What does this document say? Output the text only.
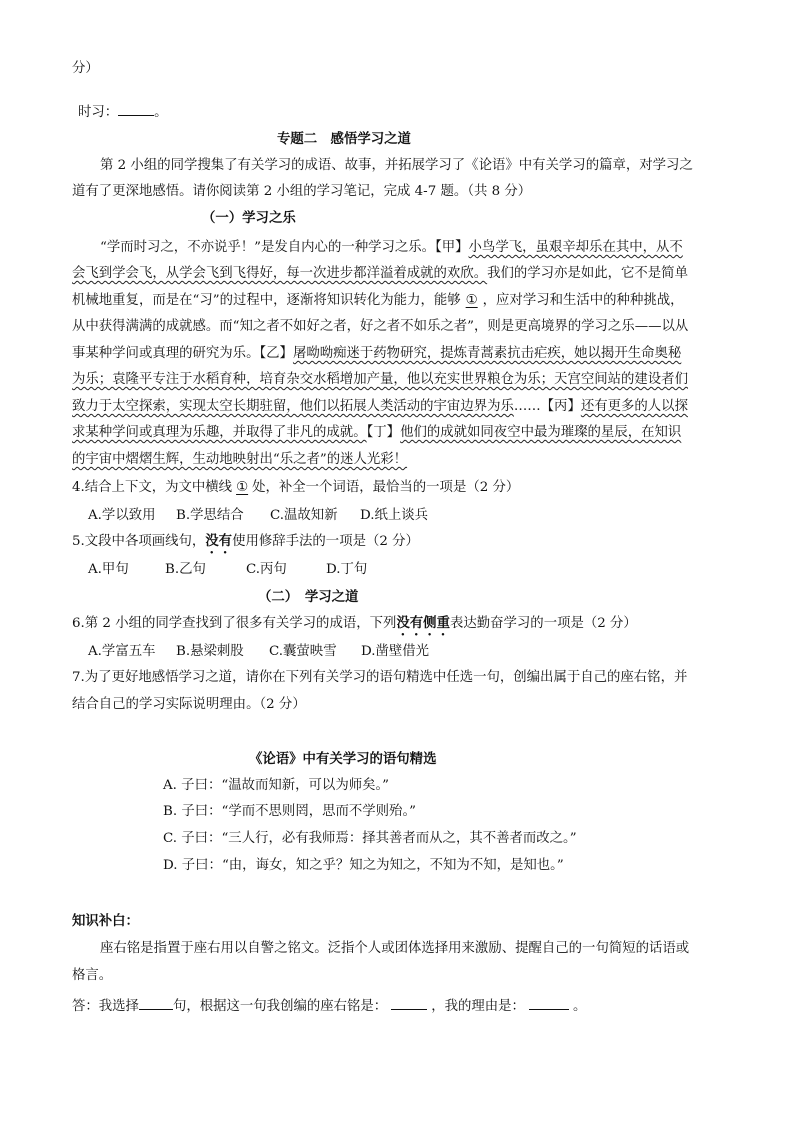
分）
时习：	。
专题二　感悟学习之道
第 2 小组的同学搜集了有关学习的成语、故事，并拓展学习了《论语》中有关学习的篇章，对学习之
道有了更深地感悟。请你阅读第 2 小组的学习笔记，完成 4-7 题。（共 8 分）
（一）学习之乐
“学而时习之，不亦说乎！”是发自内心的一种学习之乐。【甲】小鸟学飞，虽艰辛却乐在其中，从不
会飞到学会飞，从学会飞到飞得好，每一次进步都洋溢着成就的欢欣。我们的学习亦是如此，它不是简单
机械地重复，而是在“习”的过程中，逐渐将知识转化为能力，能够 ① ，应对学习和生活中的种种挑战，
从中获得满满的成就感。而“知之者不如好之者，好之者不如乐之者”，则是更高境界的学习之乐——以从
事某种学问或真理的研究为乐。【乙】屠呦呦痴迷于药物研究，提炼青蒿素抗击疟疾，她以揭开生命奥秘
为乐；袁隆平专注于水稻育种，培育杂交水稻增加产量，他以充实世界粮仓为乐；天宫空间站的建设者们
致力于太空探索，实现太空长期驻留，他们以拓展人类活动的宇宙边界为乐……【丙】还有更多的人以探
求某种学问或真理为乐趣，并取得了非凡的成就。【丁】他们的成就如同夜空中最为璀璨的星辰，在知识
的宇宙中熠熠生辉，生动地映射出“乐之者”的迷人光彩！
4.结合上下文，为文中横线 ① 处，补全一个词语，最恰当的一项是（2 分）
A.学以致用 B.学思结合 C.温故知新 D.纸上谈兵
5.文段中各项画线句，没有使用修辞手法的一项是（2 分）
A.甲句	B.乙句	C.丙句	D.丁句
（二）　学习之道
6.第 2 小组的同学查找到了很多有关学习的成语，下列没有侧重表达勤奋学习的一项是（2 分）
A.学富五车 B.悬梁刺股 C.囊萤映雪 D.凿壁借光
7.为了更好地感悟学习之道，请你在下列有关学习的语句精选中任选一句，创编出属于自己的座右铭，并
结合自己的学习实际说明理由。（2 分）
《论语》中有关学习的语句精选
A. 子曰：“温故而知新，可以为师矣。”
B. 子曰：“学而不思则罔，思而不学则殆。”
C. 子曰：“三人行，必有我师焉：择其善者而从之，其不善者而改之。”
D. 子曰：“由，诲女，知之乎？知之为知之，不知为不知，是知也。”
知识补白：
座右铭是指置于座右用以自警之铭文。泛指个人或团体选择用来激励、提醒自己的一句简短的话语或
格言。
答：我选择	句，根据这一句我创编的座右铭是：	，我的理由是：	。
